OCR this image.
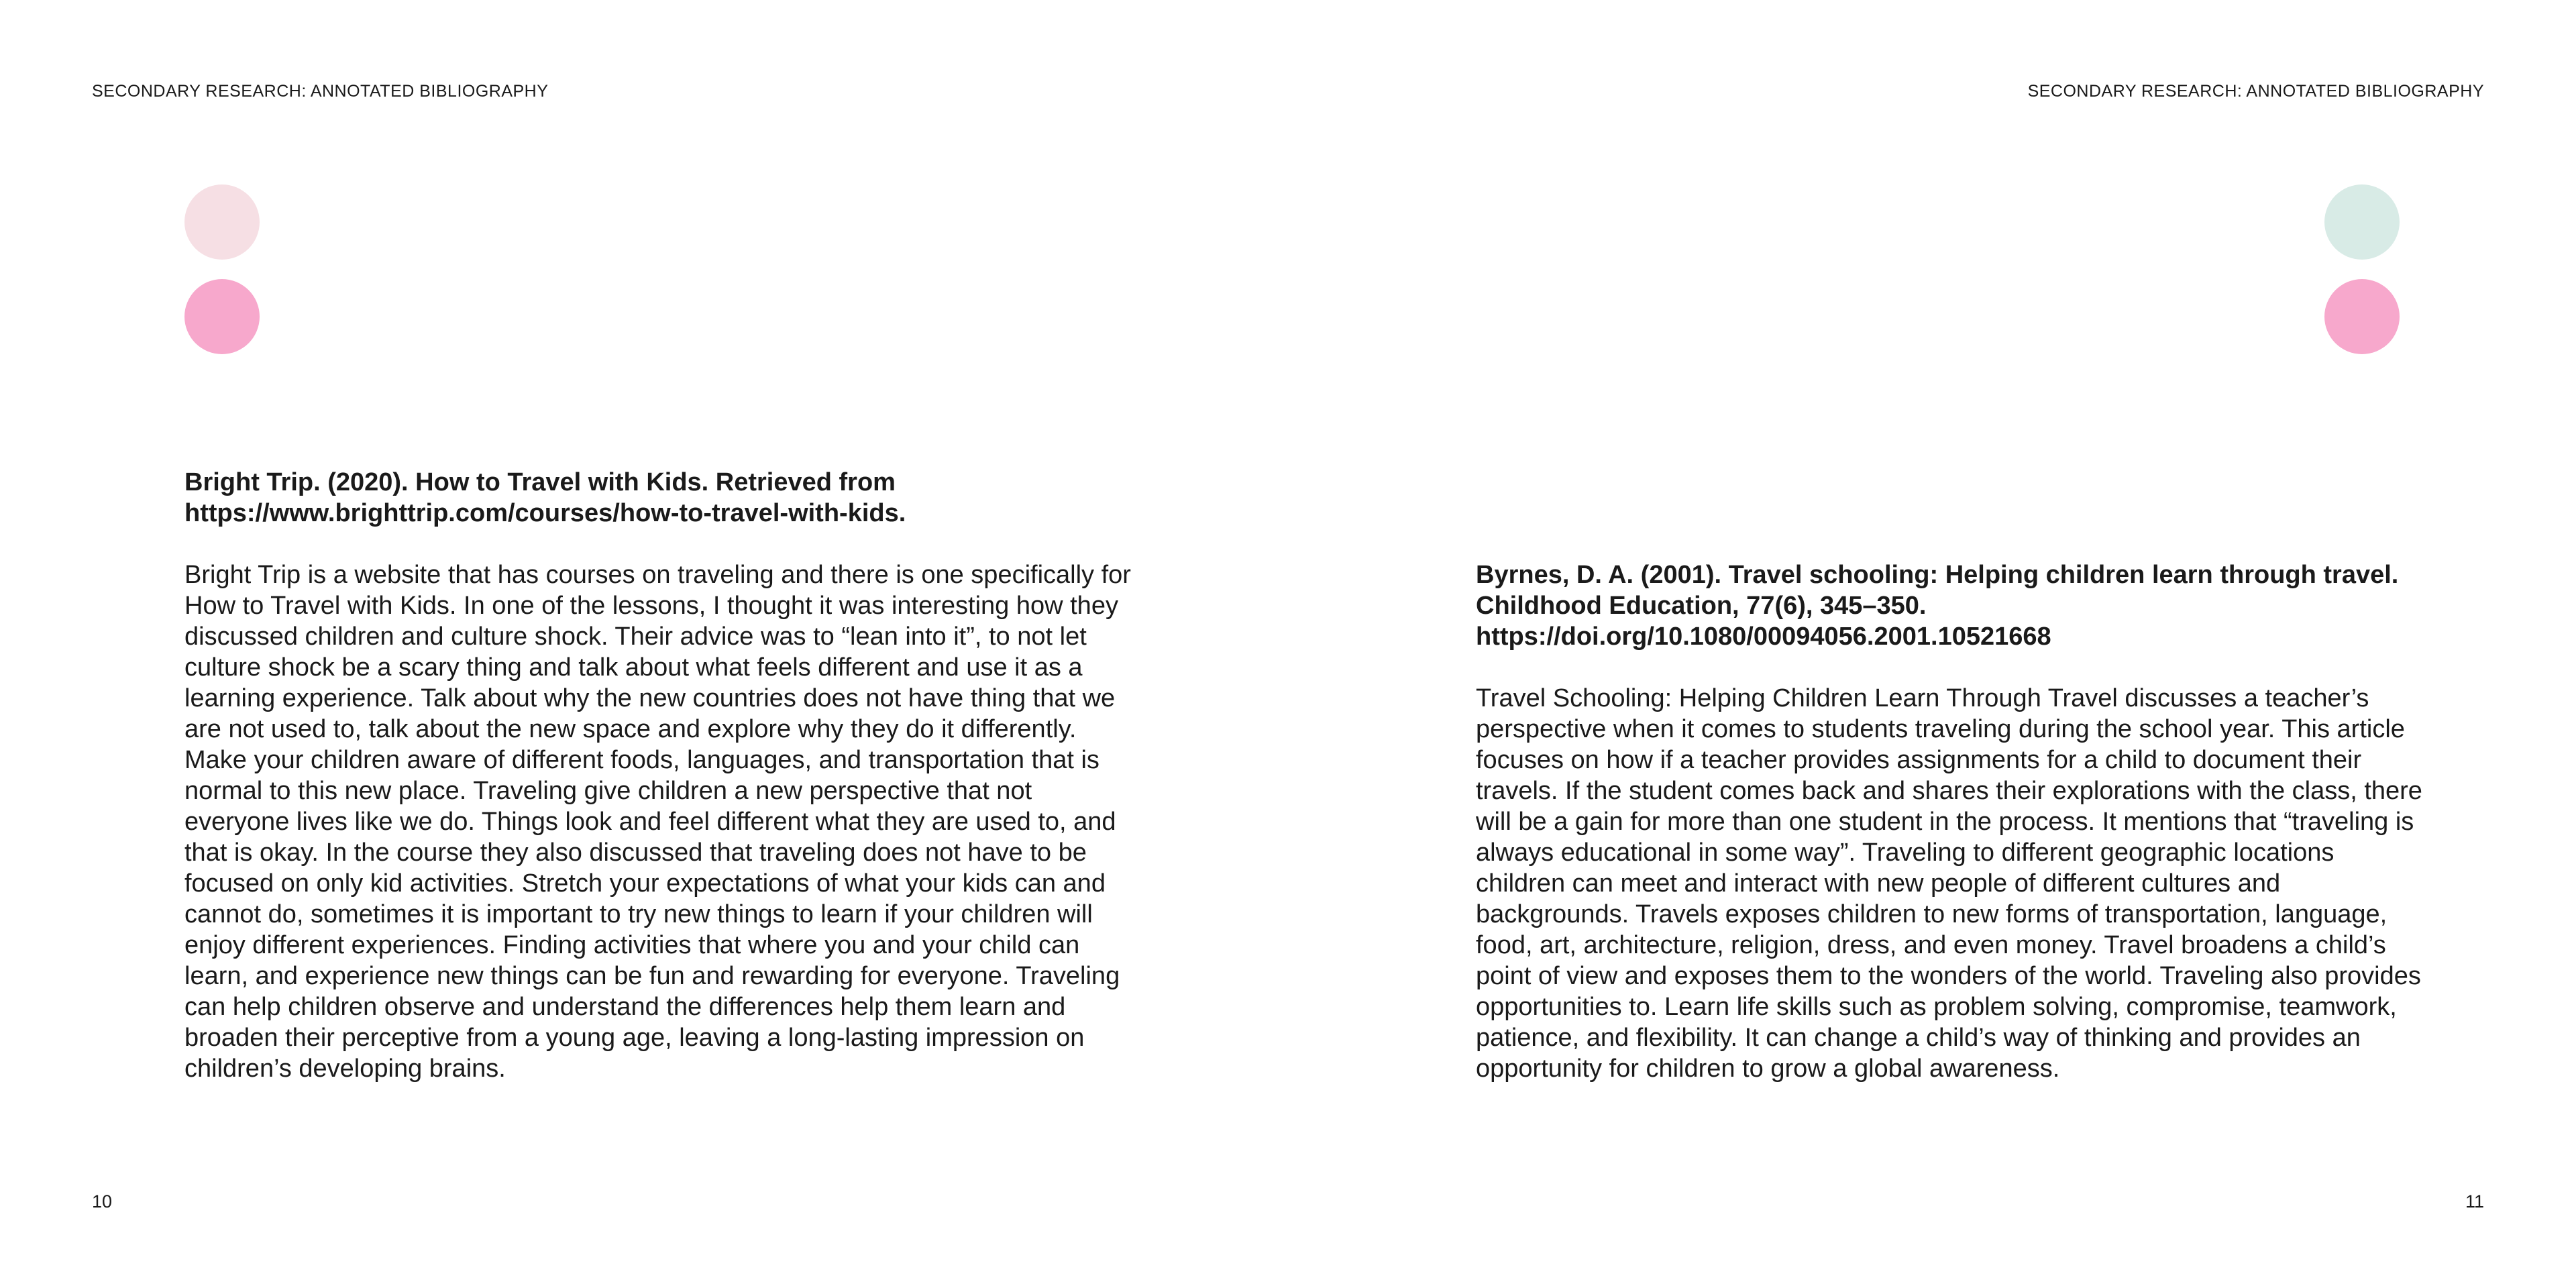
SECONDARY RESEARCH: ANNOTATED BIBLIOGRAPHY

Bright Trip. (2020). How to Travel with Kids. Retrieved from https://www.brighttrip.com/courses/how-to-travel-with-kids.

Bright Trip is a website that has courses on traveling and there is one specifically for How to Travel with Kids. In one of the lessons, I thought it was interesting how they discussed children and culture shock. Their advice was to “lean into it”, to not let culture shock be a scary thing and talk about what feels different and use it as a learning experience. Talk about why the new countries does not have thing that we are not used to, talk about the new space and explore why they do it differently. Make your children aware of different foods, languages, and transportation that is normal to this new place. Traveling give children a new perspective that not everyone lives like we do. Things look and feel different what they are used to, and that is okay. In the course they also discussed that traveling does not have to be focused on only kid activities. Stretch your expectations of what your kids can and cannot do, sometimes it is important to try new things to learn if your children will enjoy different experiences. Finding activities that where you and your child can learn, and experience new things can be fun and rewarding for everyone. Traveling can help children observe and understand the differences help them learn and broaden their perceptive from a young age, leaving a long-lasting impression on children’s developing brains.

10
SECONDARY RESEARCH: ANNOTATED BIBLIOGRAPHY

Byrnes, D. A. (2001). Travel schooling: Helping children learn through travel. Childhood Education, 77(6), 345–350. https://doi.org/10.1080/00094056.2001.10521668

Travel Schooling: Helping Children Learn Through Travel discusses a teacher’s perspective when it comes to students traveling during the school year. This article focuses on how if a teacher provides assignments for a child to document their travels. If the student comes back and shares their explorations with the class, there will be a gain for more than one student in the process. It mentions that “traveling is always educational in some way”. Traveling to different geographic locations children can meet and interact with new people of different cultures and backgrounds. Travels exposes children to new forms of transportation, language, food, art, architecture, religion, dress, and even money. Travel broadens a child’s point of view and exposes them to the wonders of the world. Traveling also provides opportunities to. Learn life skills such as problem solving, compromise, teamwork, patience, and flexibility. It can change a child’s way of thinking and provides an opportunity for children to grow a global awareness.

11
